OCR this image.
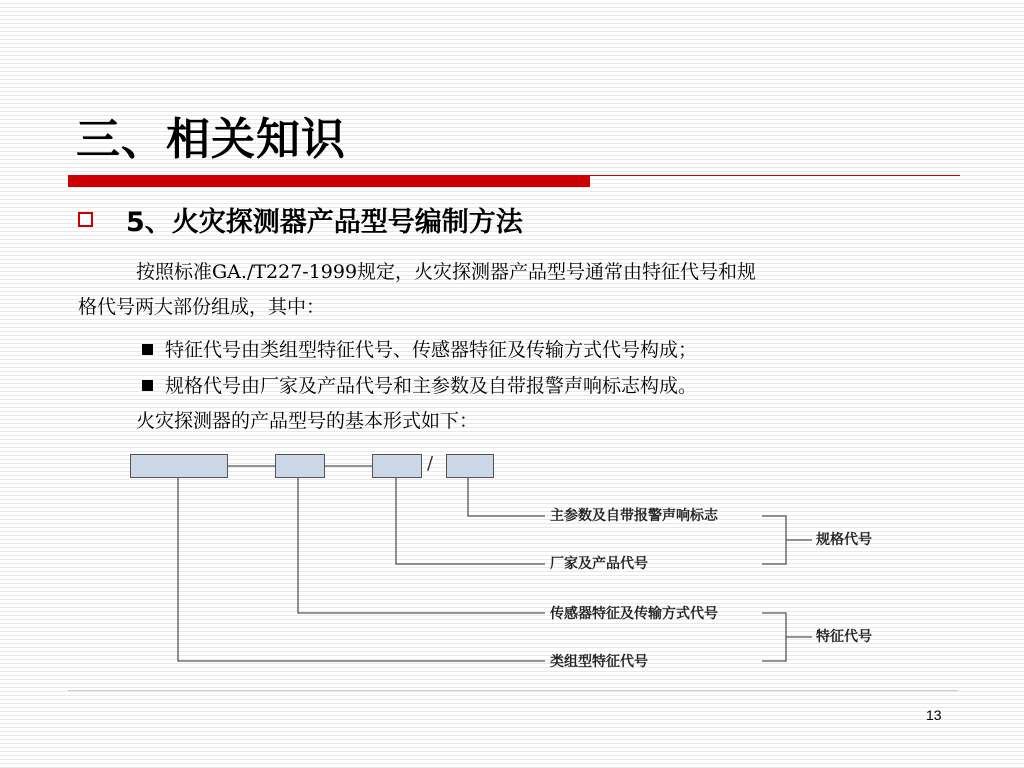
三、相关知识
5、火灾探测器产品型号编制方法
按照标准GA./T227-1999规定，火灾探测器产品型号通常由特征代号和规
格代号两大部份组成，其中：
特征代号由类组型特征代号、传感器特征及传输方式代号构成；
规格代号由厂家及产品代号和主参数及自带报警声响标志构成。
火灾探测器的产品型号的基本形式如下：
/
主参数及自带报警声响标志
厂家及产品代号
传感器特征及传输方式代号
类组型特征代号
规格代号
特征代号
13
